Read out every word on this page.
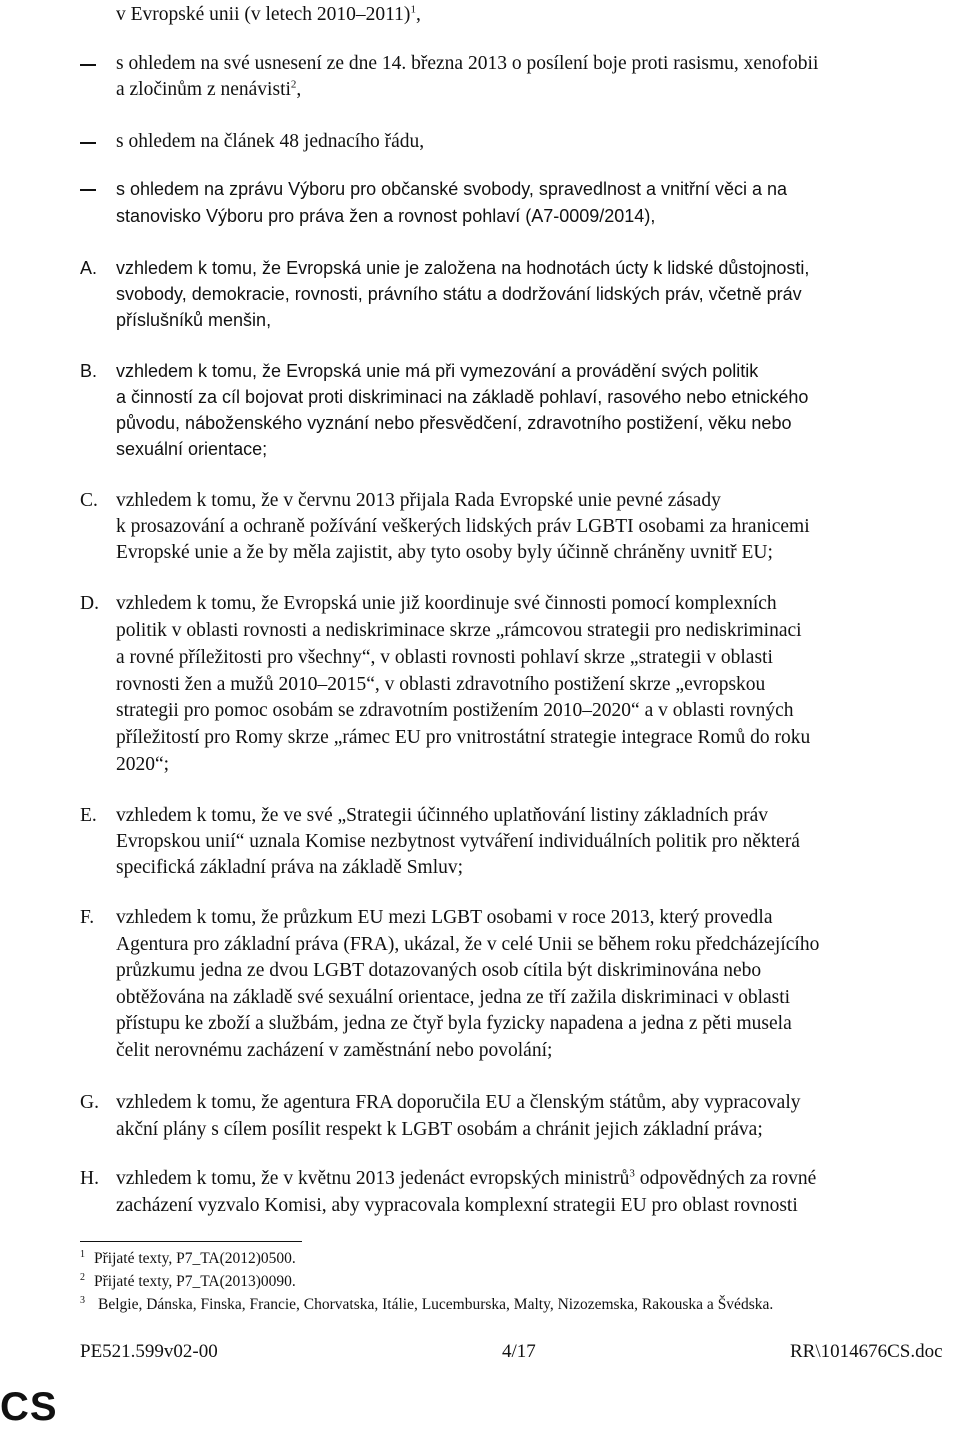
v Evropské unii (v letech 2010–2011)$^1$,
s ohledem na své usnesení ze dne 14. března 2013 o posílení boje proti rasismu, xenofobii
a zločinům z nenávisti$^2$,
s ohledem na článek 48 jednacího řádu,
s ohledem na zprávu Výboru pro občanské svobody, spravedlnost a vnitřní věci a na
stanovisko Výboru pro práva žen a rovnost pohlaví (A7-0009/2014),
A. vzhledem k tomu, že Evropská unie je založena na hodnotách úcty k lidské důstojnosti,
svobody, demokracie, rovnosti, právního státu a dodržování lidských práv, včetně práv
příslušníků menšin,
B. vzhledem k tomu, že Evropská unie má při vymezování a provádění svých politik
a činností za cíl bojovat proti diskriminaci na základě pohlaví, rasového nebo etnického
původu, náboženského vyznání nebo přesvědčení, zdravotního postižení, věku nebo
sexuální orientace;
C. vzhledem k tomu, že v červnu 2013 přijala Rada Evropské unie pevné zásady
k prosazování a ochraně požívání veškerých lidských práv LGBTI osobami za hranicemi
Evropské unie a že by měla zajistit, aby tyto osoby byly účinně chráněny uvnitř EU;
D. vzhledem k tomu, že Evropská unie již koordinuje své činnosti pomocí komplexních
politik v oblasti rovnosti a nediskriminace skrze „rámcovou strategii pro nediskriminaci
a rovné příležitosti pro všechny“, v oblasti rovnosti pohlaví skrze „strategii v oblasti
rovnosti žen a mužů 2010–2015“, v oblasti zdravotního postižení skrze „evropskou
strategii pro pomoc osobám se zdravotním postižením 2010–2020“ a v oblasti rovných
příležitostí pro Romy skrze „rámec EU pro vnitrostátní strategie integrace Romů do roku
2020“;
E. vzhledem k tomu, že ve své „Strategii účinného uplatňování listiny základních práv
Evropskou unií“ uznala Komise nezbytnost vytváření individuálních politik pro některá
specifická základní práva na základě Smluv;
F. vzhledem k tomu, že průzkum EU mezi LGBT osobami v roce 2013, který provedla
Agentura pro základní práva (FRA), ukázal, že v celé Unii se během roku předcházejícího
průzkumu jedna ze dvou LGBT dotazovaných osob cítila být diskriminována nebo
obtěžována na základě své sexuální orientace, jedna ze tří zažila diskriminaci v oblasti
přístupu ke zboží a službám, jedna ze čtyř byla fyzicky napadena a jedna z pěti musela
čelit nerovnému zacházení v zaměstnání nebo povolání;
G. vzhledem k tomu, že agentura FRA doporučila EU a členským státům, aby vypracovaly
akční plány s cílem posílit respekt k LGBT osobám a chránit jejich základní práva;
H. vzhledem k tomu, že v květnu 2013 jedenáct evropských ministrů$^3$ odpovědných za rovné
zacházení vyzvalo Komisi, aby vypracovala komplexní strategii EU pro oblast rovnosti
1 Přijaté texty, P7_TA(2012)0500.
2 Přijaté texty, P7_TA(2013)0090.
3 Belgie, Dánska, Finska, Francie, Chorvatska, Itálie, Lucemburska, Malty, Nizozemska, Rakouska a Švédska.
PE521.599v02-00	4/17	RR\1014676CS.doc
CS
